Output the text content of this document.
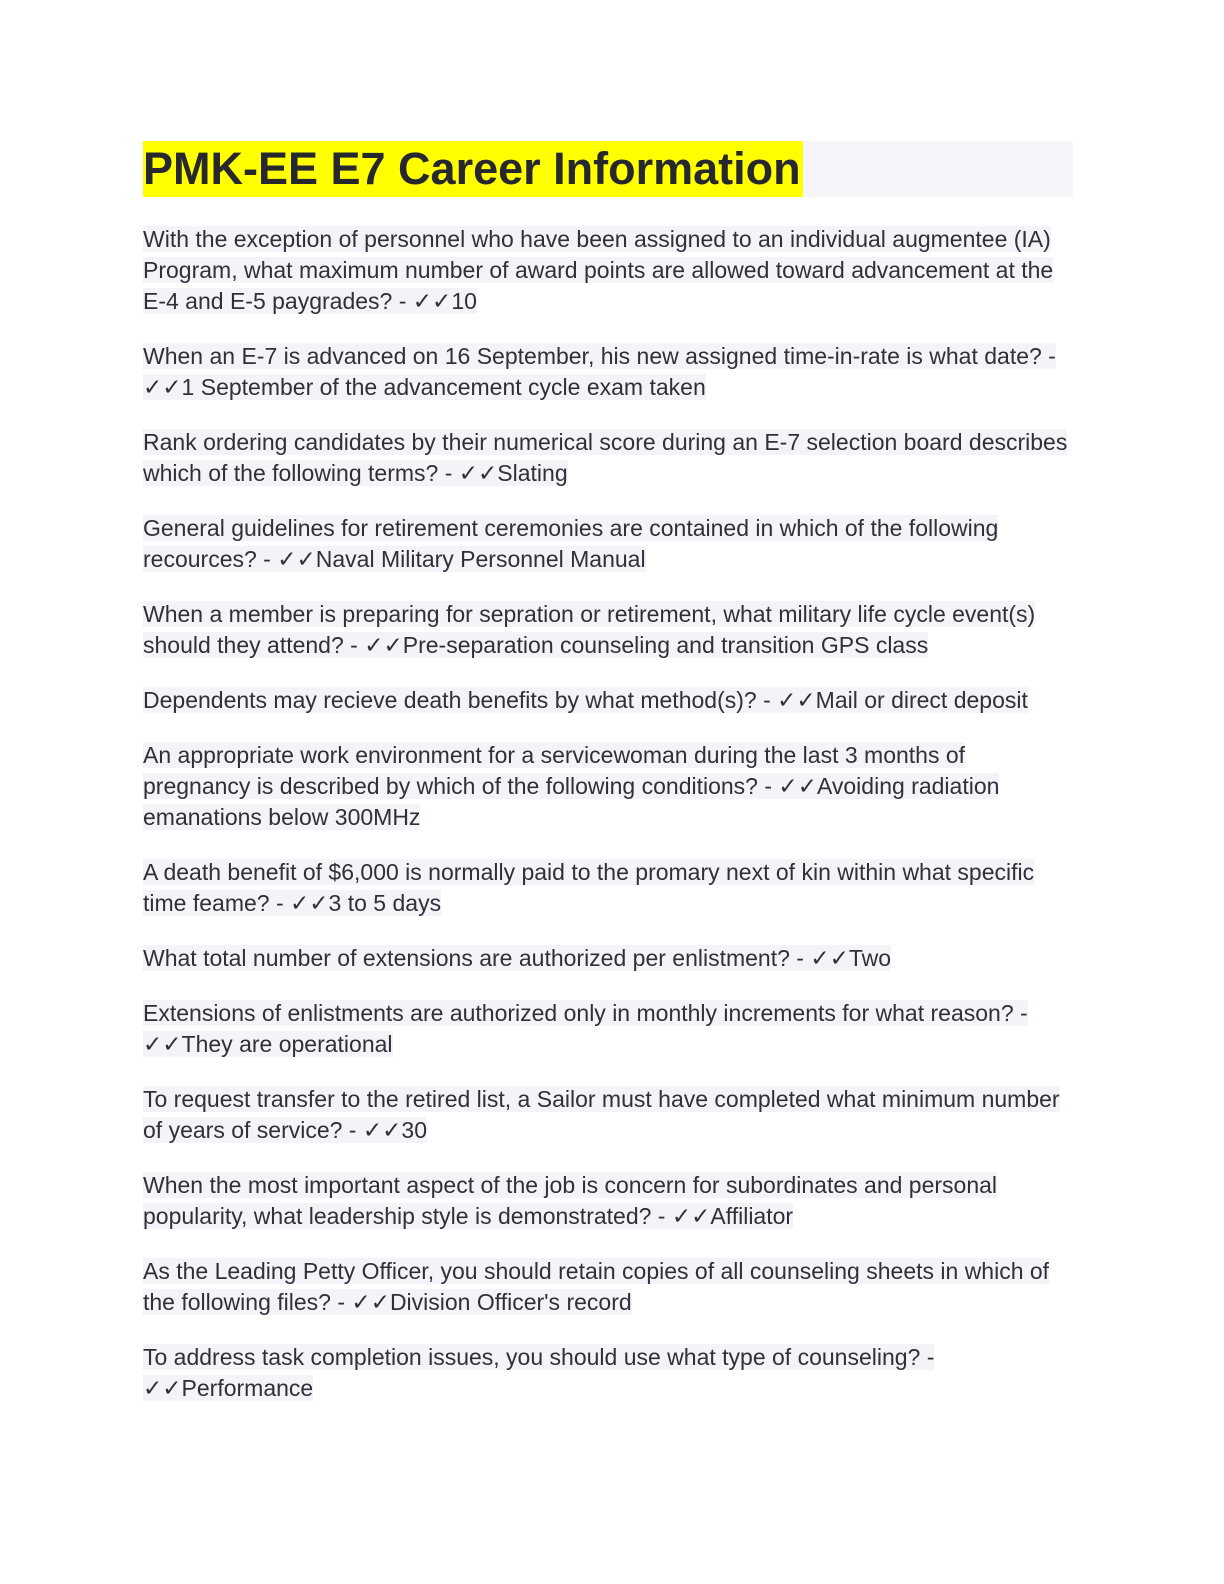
PMK-EE E7 Career Information

With the exception of personnel who have been assigned to an individual augmentee (IA) Program, what maximum number of award points are allowed toward advancement at the E-4 and E-5 paygrades? - ✓✓10

When an E-7 is advanced on 16 September, his new assigned time-in-rate is what date? - ✓✓1 September of the advancement cycle exam taken

Rank ordering candidates by their numerical score during an E-7 selection board describes which of the following terms? - ✓✓Slating

General guidelines for retirement ceremonies are contained in which of the following recources? - ✓✓Naval Military Personnel Manual

When a member is preparing for sepration or retirement, what military life cycle event(s) should they attend? - ✓✓Pre-separation counseling and transition GPS class

Dependents may recieve death benefits by what method(s)? - ✓✓Mail or direct deposit

An appropriate work environment for a servicewoman during the last 3 months of pregnancy is described by which of the following conditions? - ✓✓Avoiding radiation emanations below 300MHz

A death benefit of $6,000 is normally paid to the promary next of kin within what specific time feame? - ✓✓3 to 5 days

What total number of extensions are authorized per enlistment? - ✓✓Two

Extensions of enlistments are authorized only in monthly increments for what reason? - ✓✓They are operational

To request transfer to the retired list, a Sailor must have completed what minimum number of years of service? - ✓✓30

When the most important aspect of the job is concern for subordinates and personal popularity, what leadership style is demonstrated? - ✓✓Affiliator

As the Leading Petty Officer, you should retain copies of all counseling sheets in which of the following files? - ✓✓Division Officer's record

To address task completion issues, you should use what type of counseling? - ✓✓Performance
